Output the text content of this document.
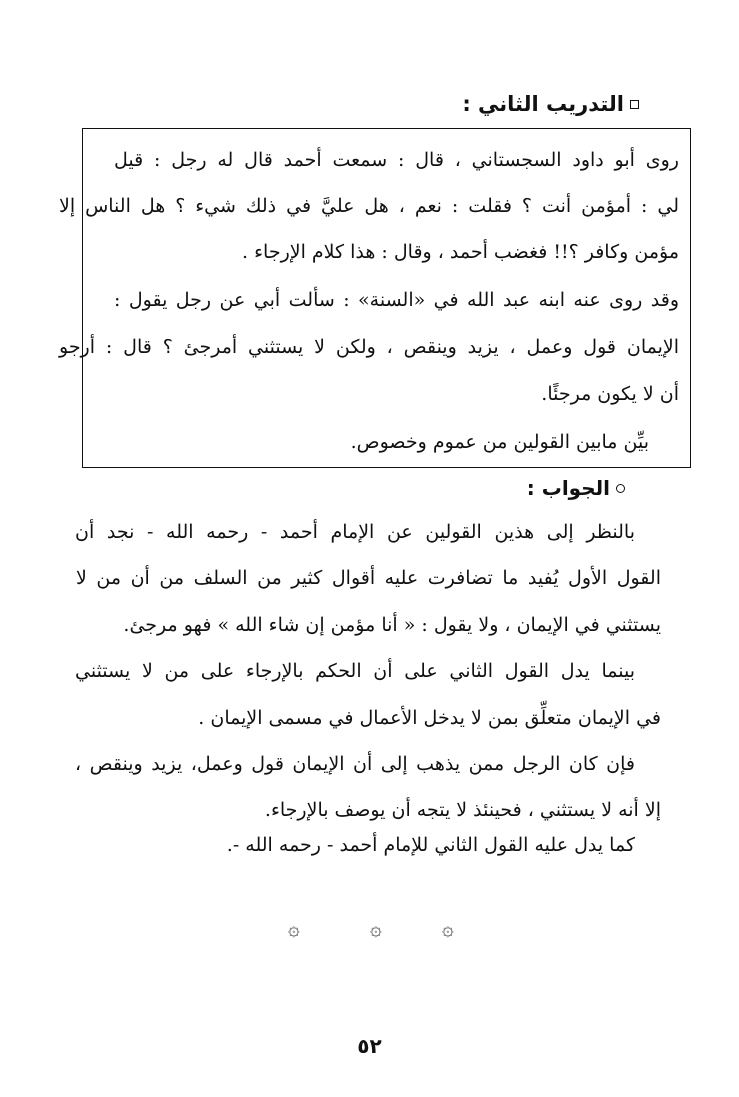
التدريب الثاني :
روى أبو داود السجستاني ، قال : سمعت أحمد قال له رجل : قيل
لي : أمؤمن أنت ؟ فقلت : نعم ، هل عليَّ في ذلك شيء ؟ هل الناس إلا
مؤمن وكافر ؟!! فغضب أحمد ، وقال : هذا كلام الإرجاء .
وقد روى عنه ابنه عبد الله في «السنة» : سألت أبي عن رجل يقول :
الإيمان قول وعمل ، يزيد وينقص ، ولكن لا يستثني أمرجئ ؟ قال : أرجو
أن لا يكون مرجئًا.
بيِّن مابين القولين من عموم وخصوص.
الجواب :
بالنظر إلى هذين القولين عن الإمام أحمد - رحمه الله - نجد أن
القول الأول يُفيد ما تضافرت عليه أقوال كثير من السلف من أن من لا
يستثني في الإيمان ، ولا يقول : « أنا مؤمن إن شاء الله » فهو مرجئ.
بينما يدل القول الثاني على أن الحكم بالإرجاء على من لا يستثني
في الإيمان متعلِّق بمن لا يدخل الأعمال في مسمى الإيمان .
فإن كان الرجل ممن يذهب إلى أن الإيمان قول وعمل، يزيد وينقص ،
إلا أنه لا يستثني ، فحينئذ لا يتجه أن يوصف بالإرجاء.
كما يدل عليه القول الثاني للإمام أحمد - رحمه الله -.
۞	۞	۞
٥٢
